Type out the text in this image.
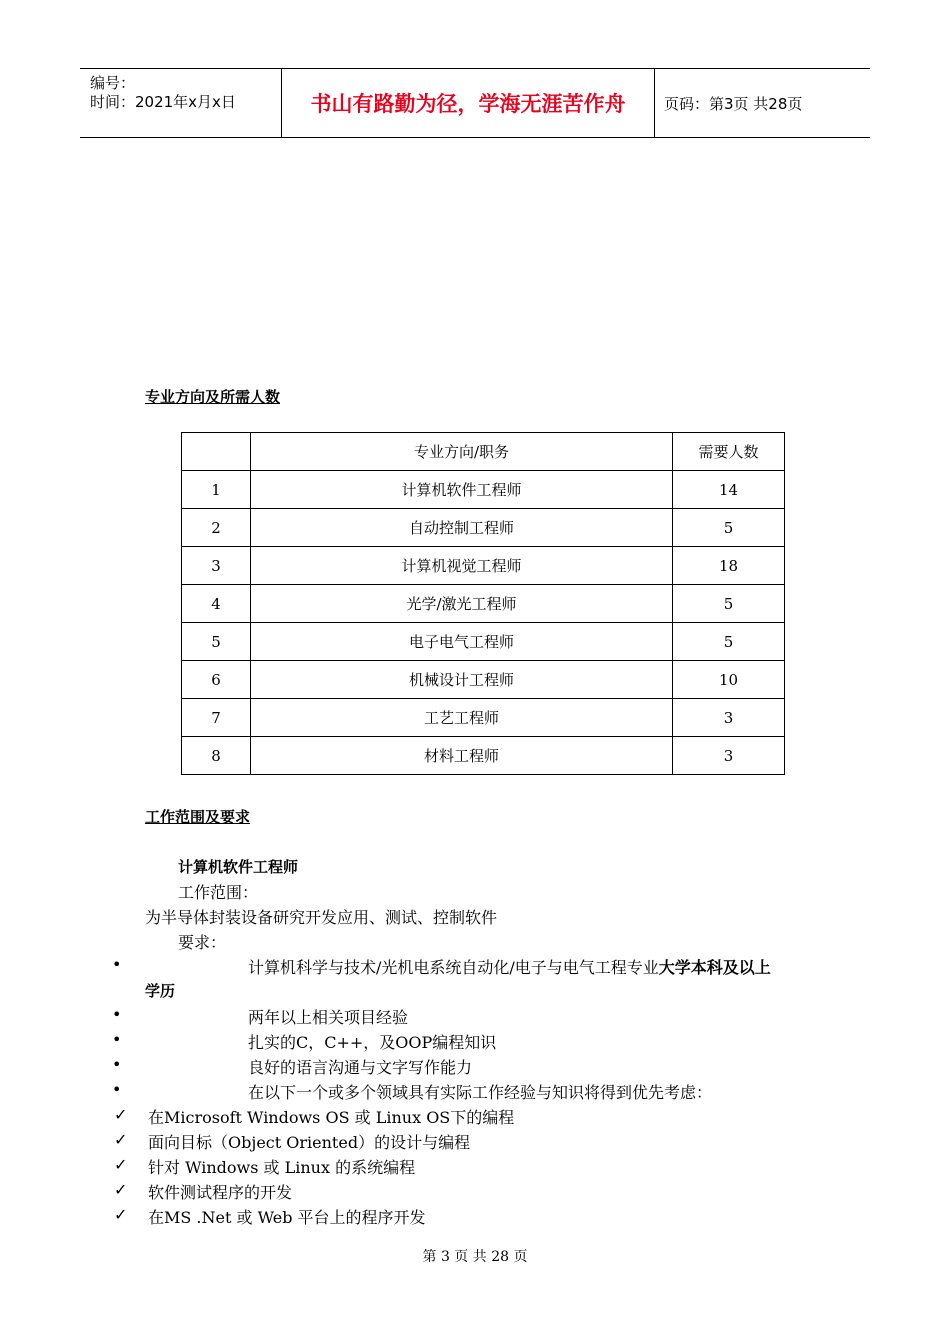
编号：
时间：2021年x月x日	书山有路勤为径，学海无涯苦作舟	页码：第3页 共28页
专业方向及所需人数
	专业方向/职务	需要人数
1	计算机软件工程师	14
2	自动控制工程师	5
3	计算机视觉工程师	18
4	光学/激光工程师	5
5	电子电气工程师	5
6	机械设计工程师	10
7	工艺工程师	3
8	材料工程师	3
工作范围及要求
计算机软件工程师
工作范围：
为半导体封装设备研究开发应用、测试、控制软件
要求：
•	计算机科学与技术/光机电系统自动化/电子与电气工程专业大学本科及以上
学历
•	两年以上相关项目经验
•	扎实的C，C++，及OOP编程知识
•	良好的语言沟通与文字写作能力
•	在以下一个或多个领域具有实际工作经验与知识将得到优先考虑：
✓ 在Microsoft Windows OS 或 Linux OS下的编程
✓ 面向目标（Object Oriented）的设计与编程
✓ 针对 Windows 或 Linux 的系统编程
✓ 软件测试程序的开发
✓ 在MS .Net 或 Web 平台上的程序开发
第 3 页 共 28 页
